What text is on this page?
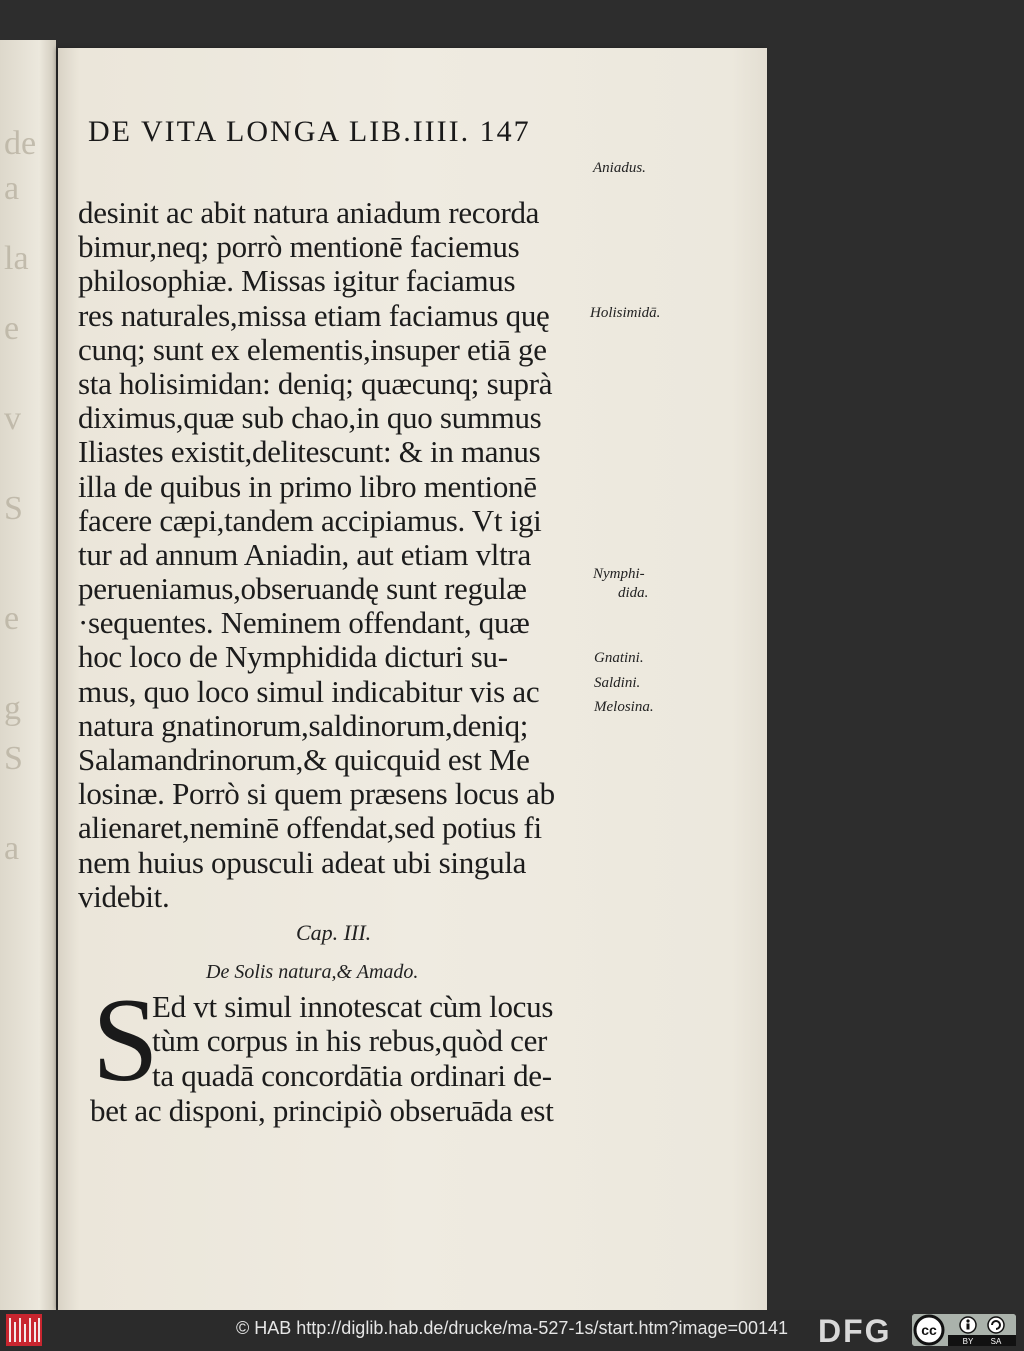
de
a
la
e
v
S
e
g
S
a
DE VITA LONGA LIB.IIII. 147
desinit ac abit natura aniadum recorda
bimur,neq; porrò mentionē faciemus
philosophiæ. Missas igitur faciamus
res naturales,missa etiam faciamus quę
cunq; sunt ex elementis,insuper etiā ge
sta holisimidan: deniq; quæcunq; suprà
diximus,quæ sub chao,in quo summus
Iliastes existit,delitescunt: & in manus
illa de quibus in primo libro mentionē
facere cæpi,tandem accipiamus. Vt igi
tur ad annum Aniadin, aut etiam vltra
perueniamus,obseruandę sunt regulæ
·sequentes. Neminem offendant, quæ
hoc loco de Nymphidida dicturi su-
mus, quo loco simul indicabitur vis ac
natura gnatinorum,saldinorum,deniq;
Salamandrinorum,& quicquid est Me
losinæ. Porrò si quem præsens locus ab
alienaret,neminē offendat,sed potius fi
nem huius opusculi adeat ubi singula
videbit.
Cap. III.
De Solis natura,& Amado.
S
Ed vt simul innotescat cùm locus
tùm corpus in his rebus,quòd cer
ta quadā concordātia ordinari de-
bet ac disponi, principiò obseruāda est
Aniadus.
Holisimidā.
Nymphi-
dida.
Gnatini.
Saldini.
Melosina.
© HAB http://diglib.hab.de/drucke/ma-527-1s/start.htm?image=00141 DFG cc
BY SA
